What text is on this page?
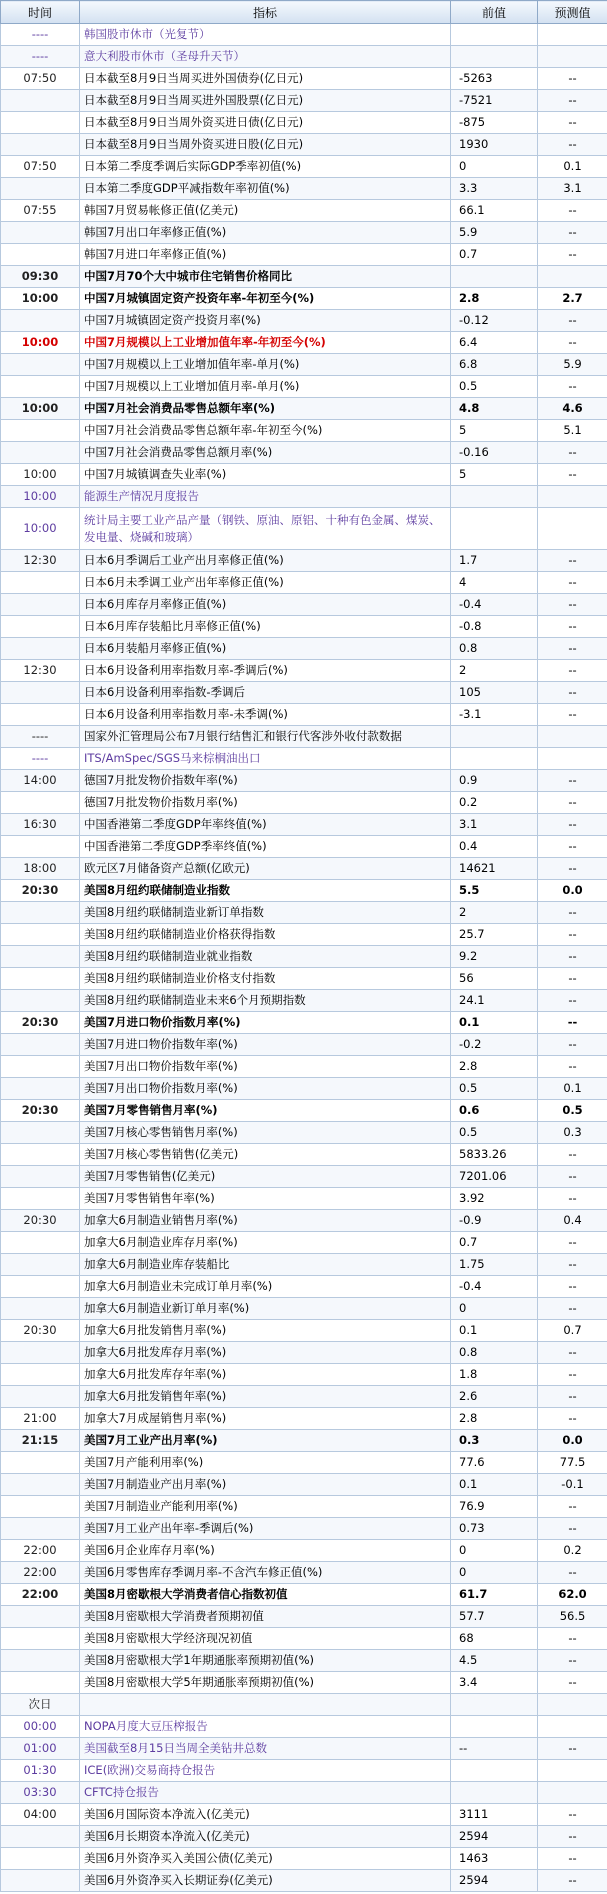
时间	指标	前值	预测值
----	韩国股市休市（光复节）		
----	意大利股市休市（圣母升天节）		
07:50	日本截至8月9日当周买进外国债券(亿日元)	-5263	--
	日本截至8月9日当周买进外国股票(亿日元)	-7521	--
	日本截至8月9日当周外资买进日债(亿日元)	-875	--
	日本截至8月9日当周外资买进日股(亿日元)	1930	--
07:50	日本第二季度季调后实际GDP季率初值(%)	0	0.1
	日本第二季度GDP平减指数年率初值(%)	3.3	3.1
07:55	韩国7月贸易帐修正值(亿美元)	66.1	--
	韩国7月出口年率修正值(%)	5.9	--
	韩国7月进口年率修正值(%)	0.7	--
09:30	中国7月70个大中城市住宅销售价格同比		
10:00	中国7月城镇固定资产投资年率-年初至今(%)	2.8	2.7
	中国7月城镇固定资产投资月率(%)	-0.12	--
10:00	中国7月规模以上工业增加值年率-年初至今(%)	6.4	--
	中国7月规模以上工业增加值年率-单月(%)	6.8	5.9
	中国7月规模以上工业增加值月率-单月(%)	0.5	--
10:00	中国7月社会消费品零售总额年率(%)	4.8	4.6
	中国7月社会消费品零售总额年率-年初至今(%)	5	5.1
	中国7月社会消费品零售总额月率(%)	-0.16	--
10:00	中国7月城镇调查失业率(%)	5	--
10:00	能源生产情况月度报告		
10:00	统计局主要工业产品产量（钢铁、原油、原铝、十种有色金属、煤炭、发电量、烧碱和玻璃）		
12:30	日本6月季调后工业产出月率修正值(%)	1.7	--
	日本6月未季调工业产出年率修正值(%)	4	--
	日本6月库存月率修正值(%)	-0.4	--
	日本6月库存装船比月率修正值(%)	-0.8	--
	日本6月装船月率修正值(%)	0.8	--
12:30	日本6月设备利用率指数月率-季调后(%)	2	--
	日本6月设备利用率指数-季调后	105	--
	日本6月设备利用率指数月率-未季调(%)	-3.1	--
----	国家外汇管理局公布7月银行结售汇和银行代客涉外收付款数据		
----	ITS/AmSpec/SGS马来棕榈油出口		
14:00	德国7月批发物价指数年率(%)	0.9	--
	德国7月批发物价指数月率(%)	0.2	--
16:30	中国香港第二季度GDP年率终值(%)	3.1	--
	中国香港第二季度GDP季率终值(%)	0.4	--
18:00	欧元区7月储备资产总额(亿欧元)	14621	--
20:30	美国8月纽约联储制造业指数	5.5	0.0
	美国8月纽约联储制造业新订单指数	2	--
	美国8月纽约联储制造业价格获得指数	25.7	--
	美国8月纽约联储制造业就业指数	9.2	--
	美国8月纽约联储制造业价格支付指数	56	--
	美国8月纽约联储制造业未来6个月预期指数	24.1	--
20:30	美国7月进口物价指数月率(%)	0.1	--
	美国7月进口物价指数年率(%)	-0.2	--
	美国7月出口物价指数年率(%)	2.8	--
	美国7月出口物价指数月率(%)	0.5	0.1
20:30	美国7月零售销售月率(%)	0.6	0.5
	美国7月核心零售销售月率(%)	0.5	0.3
	美国7月核心零售销售(亿美元)	5833.26	--
	美国7月零售销售(亿美元)	7201.06	--
	美国7月零售销售年率(%)	3.92	--
20:30	加拿大6月制造业销售月率(%)	-0.9	0.4
	加拿大6月制造业库存月率(%)	0.7	--
	加拿大6月制造业库存装船比	1.75	--
	加拿大6月制造业未完成订单月率(%)	-0.4	--
	加拿大6月制造业新订单月率(%)	0	--
20:30	加拿大6月批发销售月率(%)	0.1	0.7
	加拿大6月批发库存月率(%)	0.8	--
	加拿大6月批发库存年率(%)	1.8	--
	加拿大6月批发销售年率(%)	2.6	--
21:00	加拿大7月成屋销售月率(%)	2.8	--
21:15	美国7月工业产出月率(%)	0.3	0.0
	美国7月产能利用率(%)	77.6	77.5
	美国7月制造业产出月率(%)	0.1	-0.1
	美国7月制造业产能利用率(%)	76.9	--
	美国7月工业产出年率-季调后(%)	0.73	--
22:00	美国6月企业库存月率(%)	0	0.2
22:00	美国6月零售库存季调月率-不含汽车修正值(%)	0	--
22:00	美国8月密歇根大学消费者信心指数初值	61.7	62.0
	美国8月密歇根大学消费者预期初值	57.7	56.5
	美国8月密歇根大学经济现况初值	68	--
	美国8月密歇根大学1年期通胀率预期初值(%)	4.5	--
	美国8月密歇根大学5年期通胀率预期初值(%)	3.4	--
次日			
00:00	NOPA月度大豆压榨报告		
01:00	美国截至8月15日当周全美钻井总数	--	--
01:30	ICE(欧洲)交易商持仓报告		
03:30	CFTC持仓报告		
04:00	美国6月国际资本净流入(亿美元)	3111	--
	美国6月长期资本净流入(亿美元)	2594	--
	美国6月外资净买入美国公债(亿美元)	1463	--
	美国6月外资净买入长期证券(亿美元)	2594	--
